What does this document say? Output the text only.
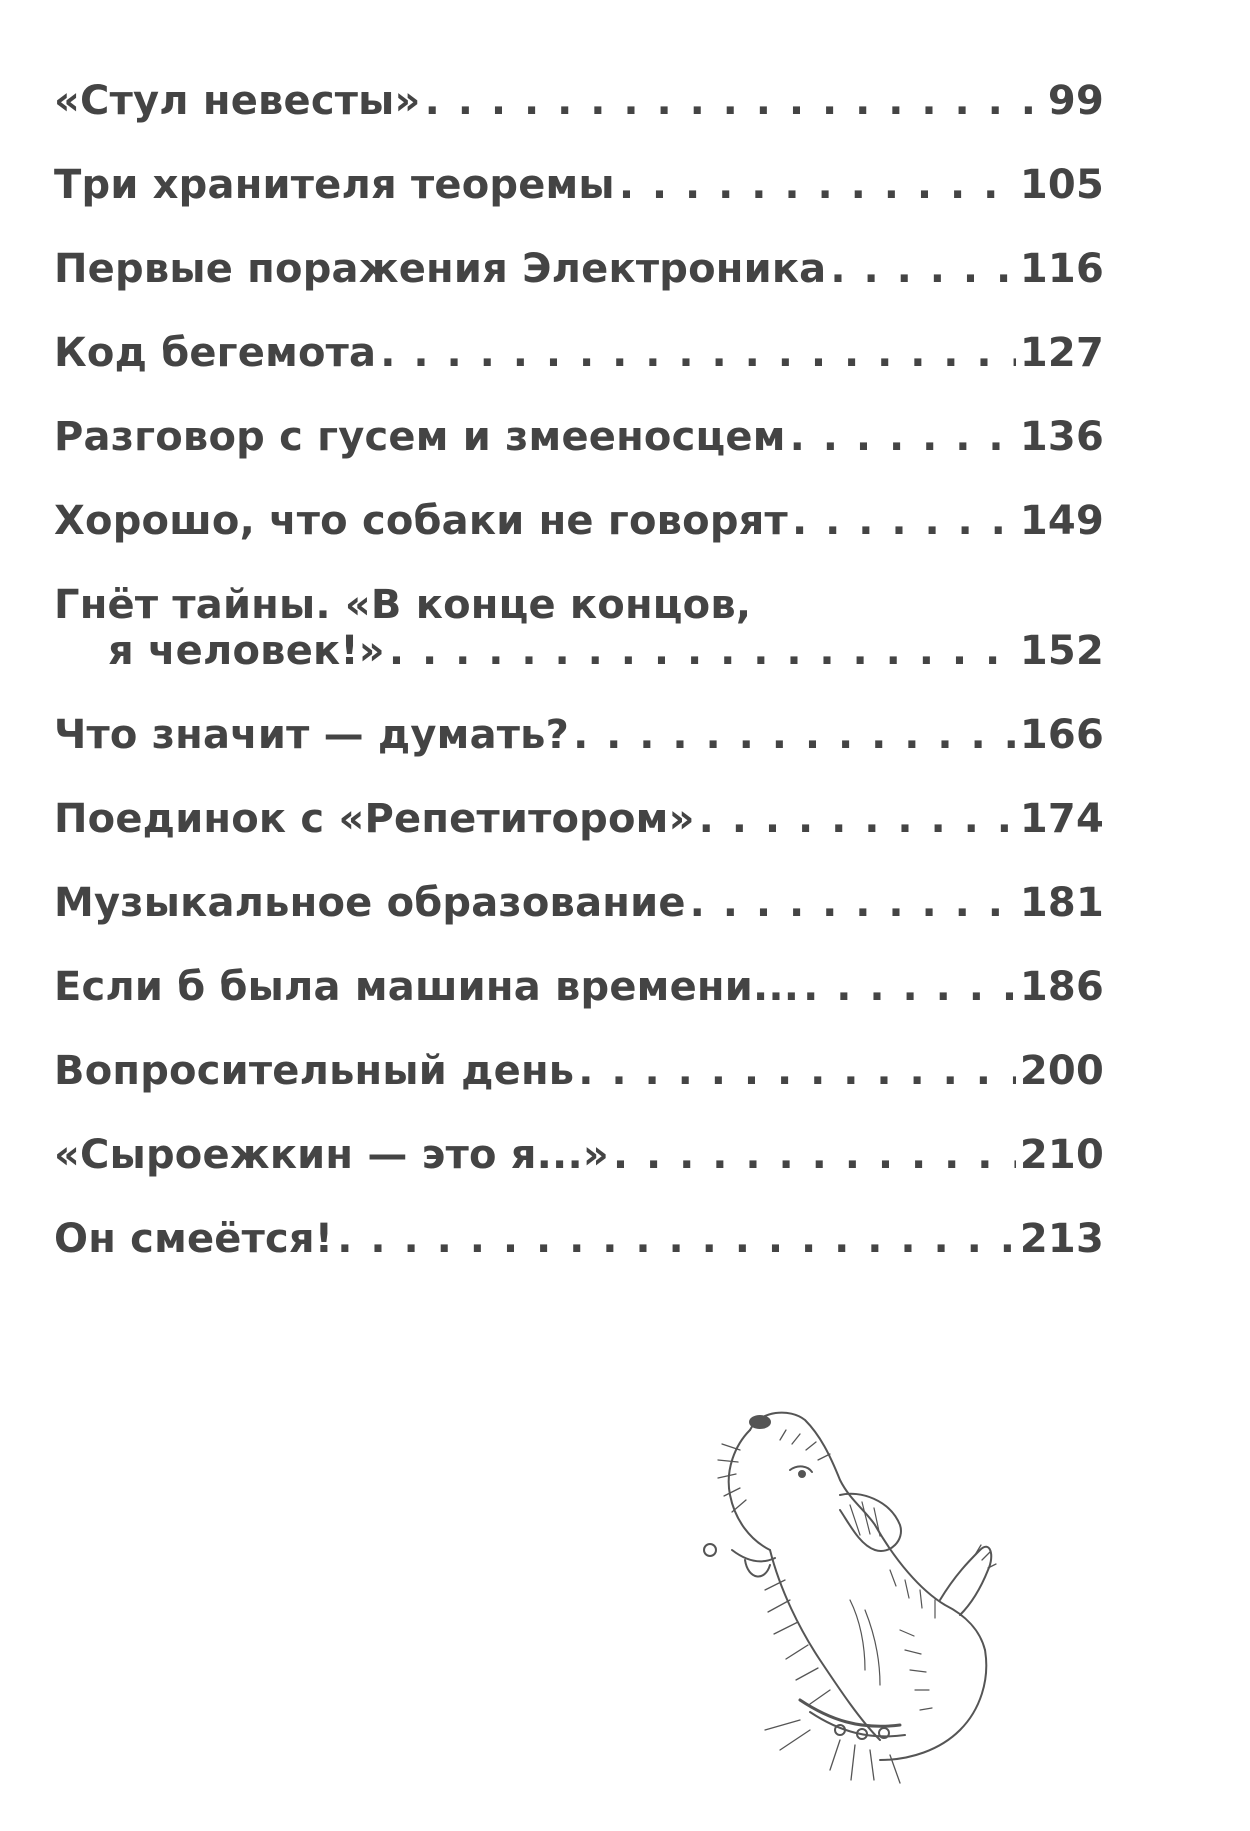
«Стул невесты» . . .	99
Три хранителя теоремы . . .	105
Первые поражения Электроника . . .	116
Код бегемота . . .	127
Разговор с гусем и змееносцем . . .	136
Хорошо, что собаки не говорят . . .	149
Гнёт тайны. «В конце концов,
я человек!» . . .	152
Что значит — думать? . . .	166
Поединок с «Репетитором» . . .	174
Музыкальное образование . . .	181
Если б была машина времени... . . .	186
Вопросительный день . . .	200
«Сыроежкин — это я...» . . .	210
Он смеётся! . . .	213
